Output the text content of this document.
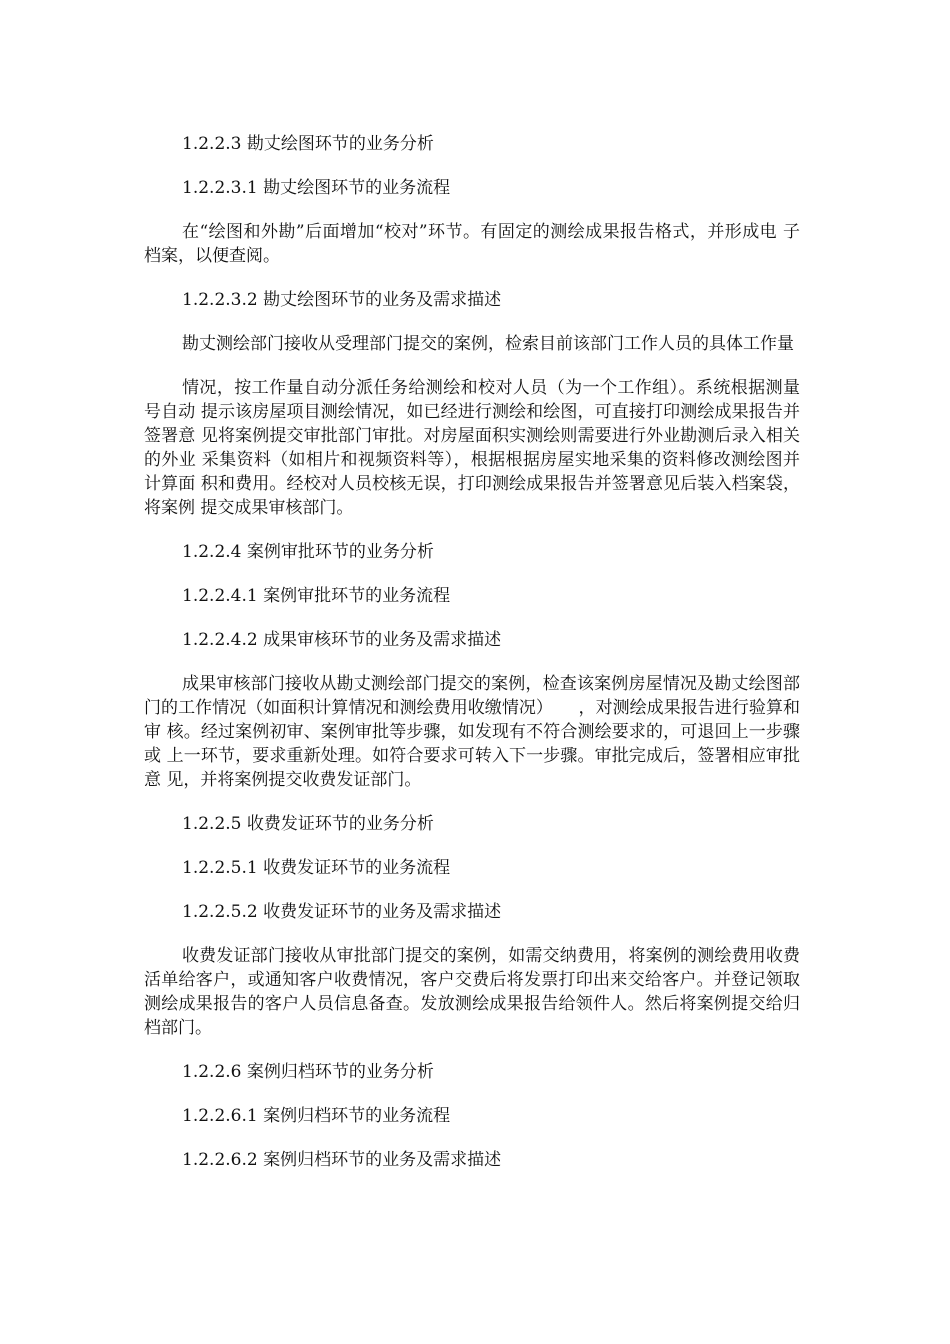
1.2.2.3 勘丈绘图环节的业务分析

1.2.2.3.1 勘丈绘图环节的业务流程

在“绘图和外勘”后面增加“校对”环节。有固定的测绘成果报告格式，并形成电 子档案，以便查阅。

1.2.2.3.2 勘丈绘图环节的业务及需求描述

勘丈测绘部门接收从受理部门提交的案例，检索目前该部门工作人员的具体工作量

情况，按工作量自动分派任务给测绘和校对人员（为一个工作组）。系统根据测量号自动 提示该房屋项目测绘情况，如已经进行测绘和绘图，可直接打印测绘成果报告并签署意 见将案例提交审批部门审批。对房屋面积实测绘则需要进行外业勘测后录入相关的外业 采集资料（如相片和视频资料等），根据根据房屋实地采集的资料修改测绘图并计算面 积和费用。经校对人员校核无误，打印测绘成果报告并签署意见后装入档案袋，将案例 提交成果审核部门。

1.2.2.4 案例审批环节的业务分析

1.2.2.4.1 案例审批环节的业务流程

1.2.2.4.2 成果审核环节的业务及需求描述

成果审核部门接收从勘丈测绘部门提交的案例，检查该案例房屋情况及勘丈绘图部 门的工作情况（如面积计算情况和测绘费用收缴情况）　　，对测绘成果报告进行验算和审 核。经过案例初审、案例审批等步骤，如发现有不符合测绘要求的，可退回上一步骤或 上一环节，要求重新处理。如符合要求可转入下一步骤。审批完成后，签署相应审批意 见，并将案例提交收费发证部门。

1.2.2.5 收费发证环节的业务分析

1.2.2.5.1 收费发证环节的业务流程

1.2.2.5.2 收费发证环节的业务及需求描述

收费发证部门接收从审批部门提交的案例，如需交纳费用，将案例的测绘费用收费 活单给客户，或通知客户收费情况，客户交费后将发票打印出来交给客户。并登记领取 测绘成果报告的客户人员信息备查。发放测绘成果报告给领件人。然后将案例提交给归 档部门。

1.2.2.6 案例归档环节的业务分析

1.2.2.6.1 案例归档环节的业务流程

1.2.2.6.2 案例归档环节的业务及需求描述
